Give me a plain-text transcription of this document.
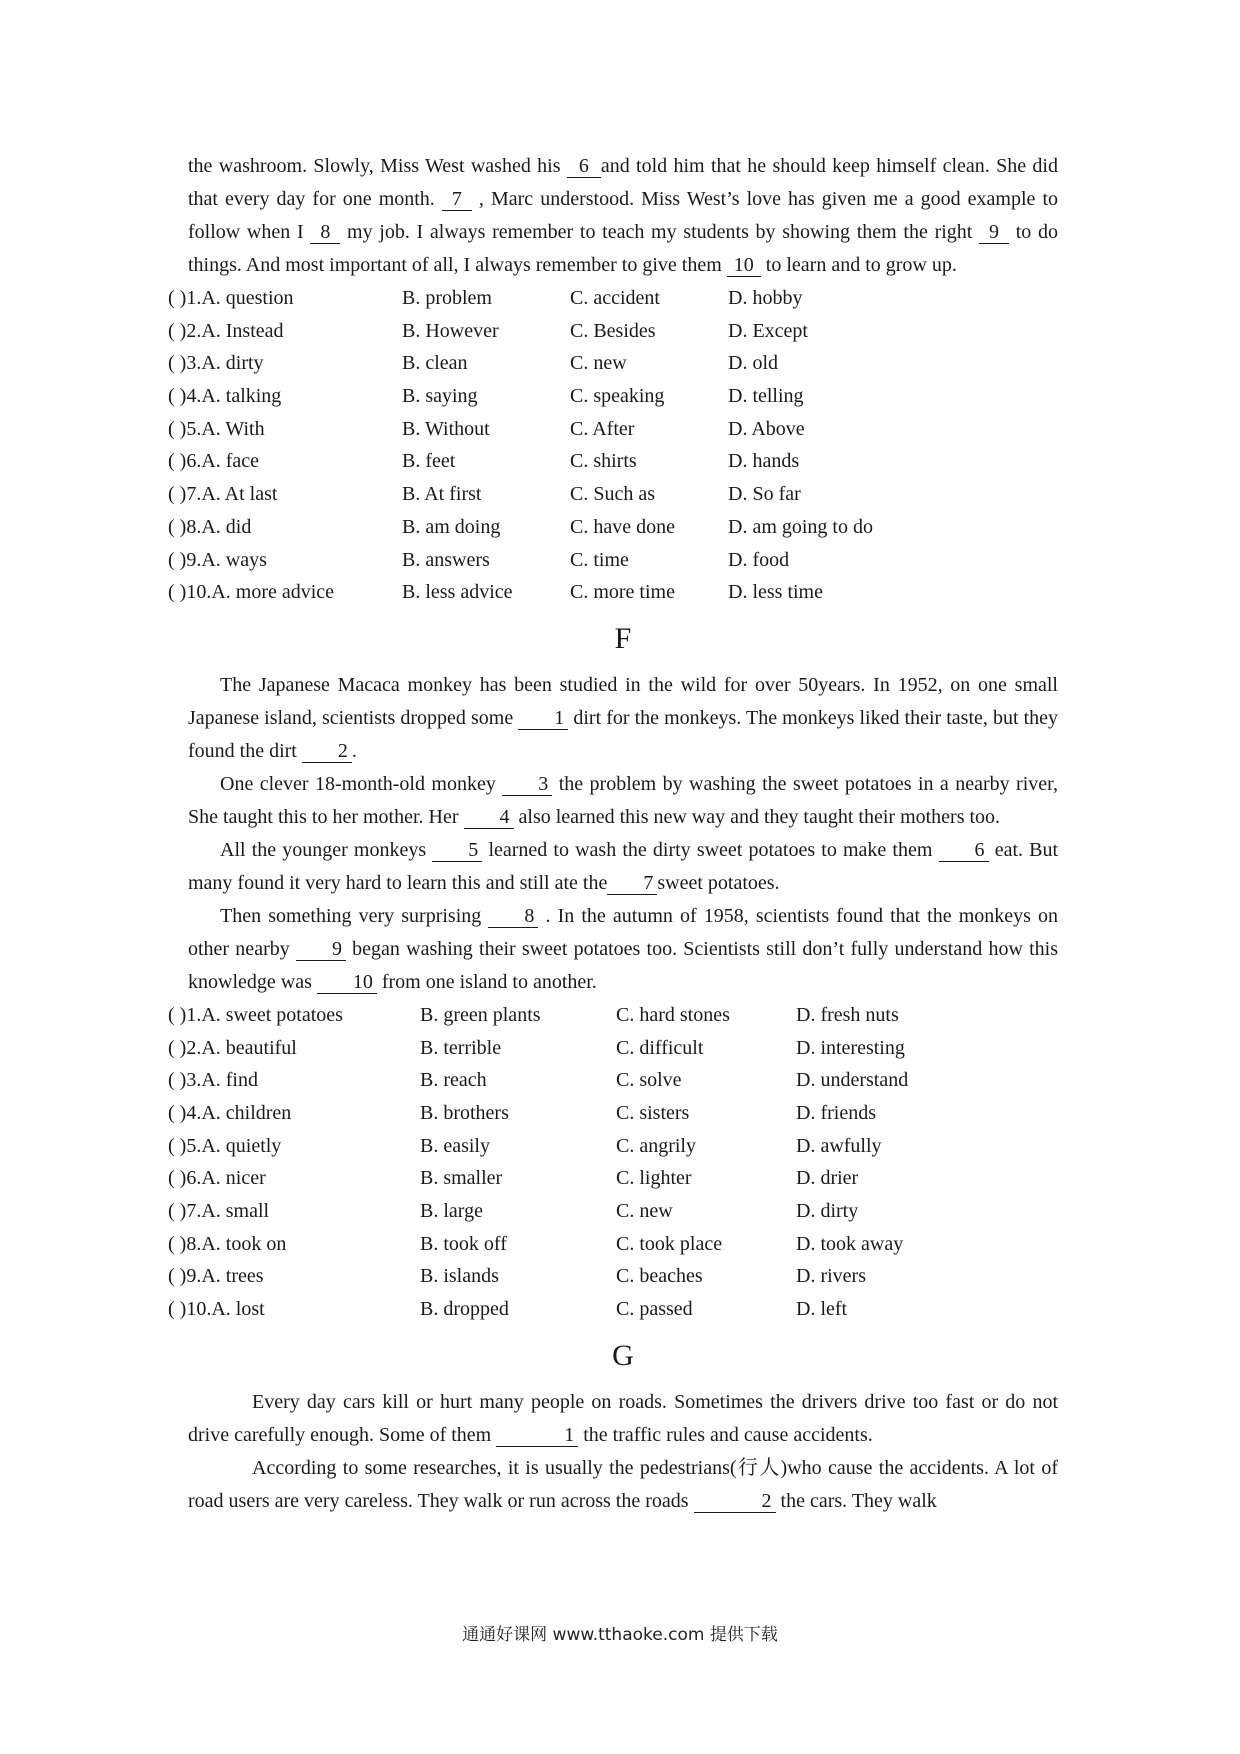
the washroom. Slowly, Miss West washed his 6 and told him that he should keep himself clean. She did that every day for one month. 7 , Marc understood. Miss West’s love has given me a good example to follow when I 8 my job. I always remember to teach my students by showing them the right 9 to do things. And most important of all, I always remember to give them 10 to learn and to grow up.

( )1.A. question	B. problem	C. accident	D. hobby
( )2.A. Instead	B. However	C. Besides	D. Except
( )3.A. dirty	B. clean	C. new	D. old
( )4.A. talking	B. saying	C. speaking	D. telling
( )5.A. With	B. Without	C. After	D. Above
( )6.A. face	B. feet	C. shirts	D. hands
( )7.A. At last	B. At first	C. Such as	D. So far
( )8.A. did	B. am doing	C. have done	D. am going to do
( )9.A. ways	B. answers	C. time	D. food
( )10.A. more advice	B. less advice	C. more time	D. less time
F

The Japanese Macaca monkey has been studied in the wild for over 50years. In 1952, on one small Japanese island, scientists dropped some 1 dirt for the monkeys. The monkeys liked their taste, but they found the dirt 2 .

One clever 18-month-old monkey 3 the problem by washing the sweet potatoes in a nearby river, She taught this to her mother. Her 4 also learned this new way and they taught their mothers too.

All the younger monkeys 5 learned to wash the dirty sweet potatoes to make them 6 eat. But many found it very hard to learn this and still ate the 7 sweet potatoes.

Then something very surprising 8 . In the autumn of 1958, scientists found that the monkeys on other nearby 9 began washing their sweet potatoes too. Scientists still don’t fully understand how this knowledge was 10 from one island to another.

( )1.A. sweet potatoes	B. green plants	C. hard stones	D. fresh nuts
( )2.A. beautiful	B. terrible	C. difficult	D. interesting
( )3.A. find	B. reach	C. solve	D. understand
( )4.A. children	B. brothers	C. sisters	D. friends
( )5.A. quietly	B. easily	C. angrily	D. awfully
( )6.A. nicer	B. smaller	C. lighter	D. drier
( )7.A. small	B. large	C. new	D. dirty
( )8.A. took on	B. took off	C. took place	D. took away
( )9.A. trees	B. islands	C. beaches	D. rivers
( )10.A. lost	B. dropped	C. passed	D. left
G

Every day cars kill or hurt many people on roads. Sometimes the drivers drive too fast or do not drive carefully enough. Some of them	1 the traffic rules and cause accidents.

According to some researches, it is usually the pedestrians(行人)who cause the accidents. A lot of road users are very careless. They walk or run across the roads	2 the cars. They walk

通通好课网 www.tthaoke.com 提供下载
